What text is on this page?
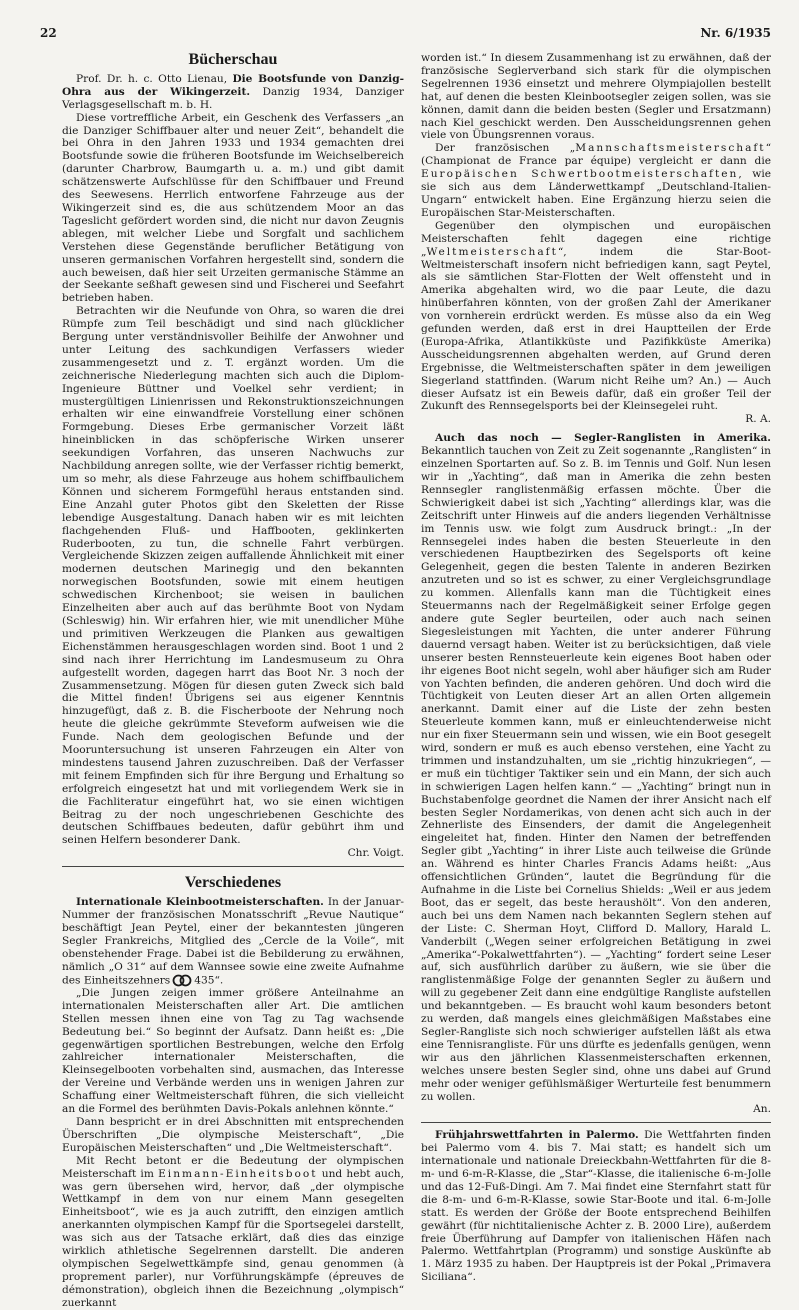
22	Nr. 6/1935
Bücherschau

Prof. Dr. h. c. Otto Lienau, Die Bootsfunde von Danzig-Ohra aus der Wikingerzeit. Danzig 1934, Danziger Verlagsgesellschaft m. b. H.

Diese vortreffliche Arbeit, ein Geschenk des Verfassers „an die Danziger Schiffbauer alter und neuer Zeit“, behandelt die bei Ohra in den Jahren 1933 und 1934 gemachten drei Bootsfunde sowie die früheren Bootsfunde im Weichselbereich (darunter Charbrow, Baumgarth u. a. m.) und gibt damit schätzenswerte Aufschlüsse für den Schiffbauer und Freund des Seewesens. Herrlich entworfene Fahrzeuge aus der Wikingerzeit sind es, die aus schützendem Moor an das Tageslicht gefördert worden sind, die nicht nur davon Zeugnis ablegen, mit welcher Liebe und Sorgfalt und sachlichem Verstehen diese Gegenstände beruflicher Betätigung von unseren germanischen Vorfahren hergestellt sind, sondern die auch beweisen, daß hier seit Urzeiten germanische Stämme an der Seekante seßhaft gewesen sind und Fischerei und Seefahrt betrieben haben.

Betrachten wir die Neufunde von Ohra, so waren die drei Rümpfe zum Teil beschädigt und sind nach glücklicher Bergung unter verständnisvoller Beihilfe der Anwohner und unter Leitung des sachkundigen Verfassers wieder zusammengesetzt und z. T. ergänzt worden. Um die zeichnerische Niederlegung machten sich auch die Diplom-Ingenieure Büttner und Voelkel sehr verdient; in mustergültigen Linienrissen und Rekonstruktionszeichnungen erhalten wir eine einwandfreie Vorstellung einer schönen Formgebung. Dieses Erbe germanischer Vorzeit läßt hineinblicken in das schöpferische Wirken unserer seekundigen Vorfahren, das unseren Nachwuchs zur Nachbildung anregen sollte, wie der Verfasser richtig bemerkt, um so mehr, als diese Fahrzeuge aus hohem schiffbaulichem Können und sicherem Formgefühl heraus entstanden sind. Eine Anzahl guter Photos gibt den Skeletten der Risse lebendige Ausgestaltung. Danach haben wir es mit leichten flachgehenden Fluß- und Haffbooten, geklinkerten Ruderbooten, zu tun, die schnelle Fahrt verbürgen. Vergleichende Skizzen zeigen auffallende Ähnlichkeit mit einer modernen deutschen Marinegig und den bekannten norwegischen Bootsfunden, sowie mit einem heutigen schwedischen Kirchenboot; sie weisen in baulichen Einzelheiten aber auch auf das berühmte Boot von Nydam (Schleswig) hin. Wir erfahren hier, wie mit unendlicher Mühe und primitiven Werkzeugen die Planken aus gewaltigen Eichenstämmen herausgeschlagen worden sind. Boot 1 und 2 sind nach ihrer Herrichtung im Landesmuseum zu Ohra aufgestellt worden, dagegen harrt das Boot Nr. 3 noch der Zusammensetzung. Mögen für diesen guten Zweck sich bald die Mittel finden! Übrigens sei aus eigener Kenntnis hinzugefügt, daß z. B. die Fischerboote der Nehrung noch heute die gleiche gekrümmte Steveform aufweisen wie die Funde. Nach dem geologischen Befunde und der Mooruntersuchung ist unseren Fahrzeugen ein Alter von mindestens tausend Jahren zuzuschreiben. Daß der Verfasser mit feinem Empfinden sich für ihre Bergung und Erhaltung so erfolgreich eingesetzt hat und mit vorliegendem Werk sie in die Fachliteratur eingeführt hat, wo sie einen wichtigen Beitrag zu der noch ungeschriebenen Geschichte des deutschen Schiffbaues bedeuten, dafür gebührt ihm und seinen Helfern besonderer Dank.

Chr. Voigt.

Verschiedenes

Internationale Kleinbootmeisterschaften. In der Januar-Nummer der französischen Monatsschrift „Revue Nautique“ beschäftigt Jean Peytel, einer der bekanntesten jüngeren Segler Frankreichs, Mitglied des „Cercle de la Voile“, mit obenstehender Frage. Dabei ist die Bebilderung zu erwähnen, nämlich „O 31“ auf dem Wannsee sowie eine zweite Aufnahme des Einheitszehners 435“.

„Die Jungen zeigen immer größere Anteilnahme an internationalen Meisterschaften aller Art. Die amtlichen Stellen messen ihnen eine von Tag zu Tag wachsende Bedeutung bei.“ So beginnt der Aufsatz. Dann heißt es: „Die gegenwärtigen sportlichen Bestrebungen, welche den Erfolg zahlreicher internationaler Meisterschaften, die Kleinsegelbooten vorbehalten sind, ausmachen, das Interesse der Vereine und Verbände werden uns in wenigen Jahren zur Schaffung einer Weltmeisterschaft führen, die sich vielleicht an die Formel des berühmten Davis-Pokals anlehnen könnte.“

Dann bespricht er in drei Abschnitten mit entsprechenden Überschriften „Die olympische Meisterschaft“, „Die Europäischen Meisterschaften“ und „Die Weltmeisterschaft“.

Mit Recht betont er die Bedeutung der olympischen Meisterschaft im Einmann-Einheitsboot und hebt auch, was gern übersehen wird, hervor, daß „der olympische Wettkampf in dem von nur einem Mann gesegelten Einheitsboot“, wie es ja auch zutrifft, den einzigen amtlich anerkannten olympischen Kampf für die Sportsegelei darstellt, was sich aus der Tatsache erklärt, daß dies das einzige wirklich athletische Segelrennen darstellt. Die anderen olympischen Segelwettkämpfe sind, genau genommen (à proprement parler), nur Vorführungskämpfe (épreuves de démonstration), obgleich ihnen die Bezeichnung „olympisch“ zuerkannt

worden ist.“ In diesem Zusammenhang ist zu erwähnen, daß der französische Seglerverband sich stark für die olympischen Segelrennen 1936 einsetzt und mehrere Olympiajollen bestellt hat, auf denen die besten Kleinbootsegler zeigen sollen, was sie können, damit dann die beiden besten (Segler und Ersatzmann) nach Kiel geschickt werden. Den Ausscheidungsrennen gehen viele von Übungsrennen voraus.

Der französischen „Mannschaftsmeisterschaft“ (Championat de France par équipe) vergleicht er dann die Europäischen Schwertbootmeisterschaften, wie sie sich aus dem Länderwettkampf „Deutschland-Italien-Ungarn“ entwickelt haben. Eine Ergänzung hierzu seien die Europäischen Star-Meisterschaften.

Gegenüber den olympischen und europäischen Meisterschaften fehlt dagegen eine richtige „Weltmeisterschaft“, indem die Star-Boot-Weltmeisterschaft insofern nicht befriedigen kann, sagt Peytel, als sie sämtlichen Star-Flotten der Welt offensteht und in Amerika abgehalten wird, wo die paar Leute, die dazu hinüberfahren könnten, von der großen Zahl der Amerikaner von vornherein erdrückt werden. Es müsse also da ein Weg gefunden werden, daß erst in drei Hauptteilen der Erde (Europa-Afrika, Atlantikküste und Pazifikküste Amerika) Ausscheidungsrennen abgehalten werden, auf Grund deren Ergebnisse, die Weltmeisterschaften später in dem jeweiligen Siegerland stattfinden. (Warum nicht Reihe um? An.) — Auch dieser Aufsatz ist ein Beweis dafür, daß ein großer Teil der Zukunft des Rennsegelsports bei der Kleinsegelei ruht.

R. A.

Auch das noch — Segler-Ranglisten in Amerika. Bekanntlich tauchen von Zeit zu Zeit sogenannte „Ranglisten“ in einzelnen Sportarten auf. So z. B. im Tennis und Golf. Nun lesen wir in „Yachting“, daß man in Amerika die zehn besten Rennsegler ranglistenmäßig erfassen möchte. Über die Schwierigkeit dabei ist sich „Yachting“ allerdings klar, was die Zeitschrift unter Hinweis auf die anders liegenden Verhältnisse im Tennis usw. wie folgt zum Ausdruck bringt.: „In der Rennsegelei indes haben die besten Steuerleute in den verschiedenen Hauptbezirken des Segelsports oft keine Gelegenheit, gegen die besten Talente in anderen Bezirken anzutreten und so ist es schwer, zu einer Vergleichsgrundlage zu kommen. Allenfalls kann man die Tüchtigkeit eines Steuermanns nach der Regelmäßigkeit seiner Erfolge gegen andere gute Segler beurteilen, oder auch nach seinen Siegesleistungen mit Yachten, die unter anderer Führung dauernd versagt haben. Weiter ist zu berücksichtigen, daß viele unserer besten Rennsteuerleute kein eigenes Boot haben oder ihr eigenes Boot nicht segeln, wohl aber häufiger sich am Ruder von Yachten befinden, die anderen gehören. Und doch wird die Tüchtigkeit von Leuten dieser Art an allen Orten allgemein anerkannt. Damit einer auf die Liste der zehn besten Steuerleute kommen kann, muß er einleuchtenderweise nicht nur ein fixer Steuermann sein und wissen, wie ein Boot gesegelt wird, sondern er muß es auch ebenso verstehen, eine Yacht zu trimmen und instandzuhalten, um sie „richtig hinzukriegen“, — er muß ein tüchtiger Taktiker sein und ein Mann, der sich auch in schwierigen Lagen helfen kann.“ — „Yachting“ bringt nun in Buchstabenfolge geordnet die Namen der ihrer Ansicht nach elf besten Segler Nordamerikas, von denen acht sich auch in der Zehnerliste des Einsenders, der damit die Angelegenheit eingeleitet hat, finden. Hinter den Namen der betreffenden Segler gibt „Yachting“ in ihrer Liste auch teilweise die Gründe an. Während es hinter Charles Francis Adams heißt: „Aus offensichtlichen Gründen“, lautet die Begründung für die Aufnahme in die Liste bei Cornelius Shields: „Weil er aus jedem Boot, das er segelt, das beste heraushölt“. Von den anderen, auch bei uns dem Namen nach bekannten Seglern stehen auf der Liste: C. Sherman Hoyt, Clifford D. Mallory, Harald L. Vanderbilt („Wegen seiner erfolgreichen Betätigung in zwei „Amerika“-Pokalwettfahrten“). — „Yachting“ fordert seine Leser auf, sich ausführlich darüber zu äußern, wie sie über die ranglistenmäßige Folge der genannten Segler zu äußern und will zu gegebener Zeit dann eine endgültige Rangliste aufstellen und bekanntgeben. — Es braucht wohl kaum besonders betont zu werden, daß mangels eines gleichmäßigen Maßstabes eine Segler-Rangliste sich noch schwieriger aufstellen läßt als etwa eine Tennisrangliste. Für uns dürfte es jedenfalls genügen, wenn wir aus den jährlichen Klassenmeisterschaften erkennen, welches unsere besten Segler sind, ohne uns dabei auf Grund mehr oder weniger gefühlsmäßiger Werturteile fest benummern zu wollen.

An.

Frühjahrswettfahrten in Palermo. Die Wettfahrten finden bei Palermo vom 4. bis 7. Mai statt; es handelt sich um internationale und nationale Dreieckbahn-Wettfahrten für die 8-m- und 6-m-R-Klasse, die „Star“-Klasse, die italienische 6-m-Jolle und das 12-Fuß-Dingi. Am 7. Mai findet eine Sternfahrt statt für die 8-m- und 6-m-R-Klasse, sowie Star-Boote und ital. 6-m-Jolle statt. Es werden der Größe der Boote entsprechend Beihilfen gewährt (für nichtitalienische Achter z. B. 2000 Lire), außerdem freie Überführung auf Dampfer von italienischen Häfen nach Palermo. Wettfahrtplan (Programm) und sonstige Auskünfte ab 1. März 1935 zu haben. Der Hauptpreis ist der Pokal „Primavera Siciliana“.
